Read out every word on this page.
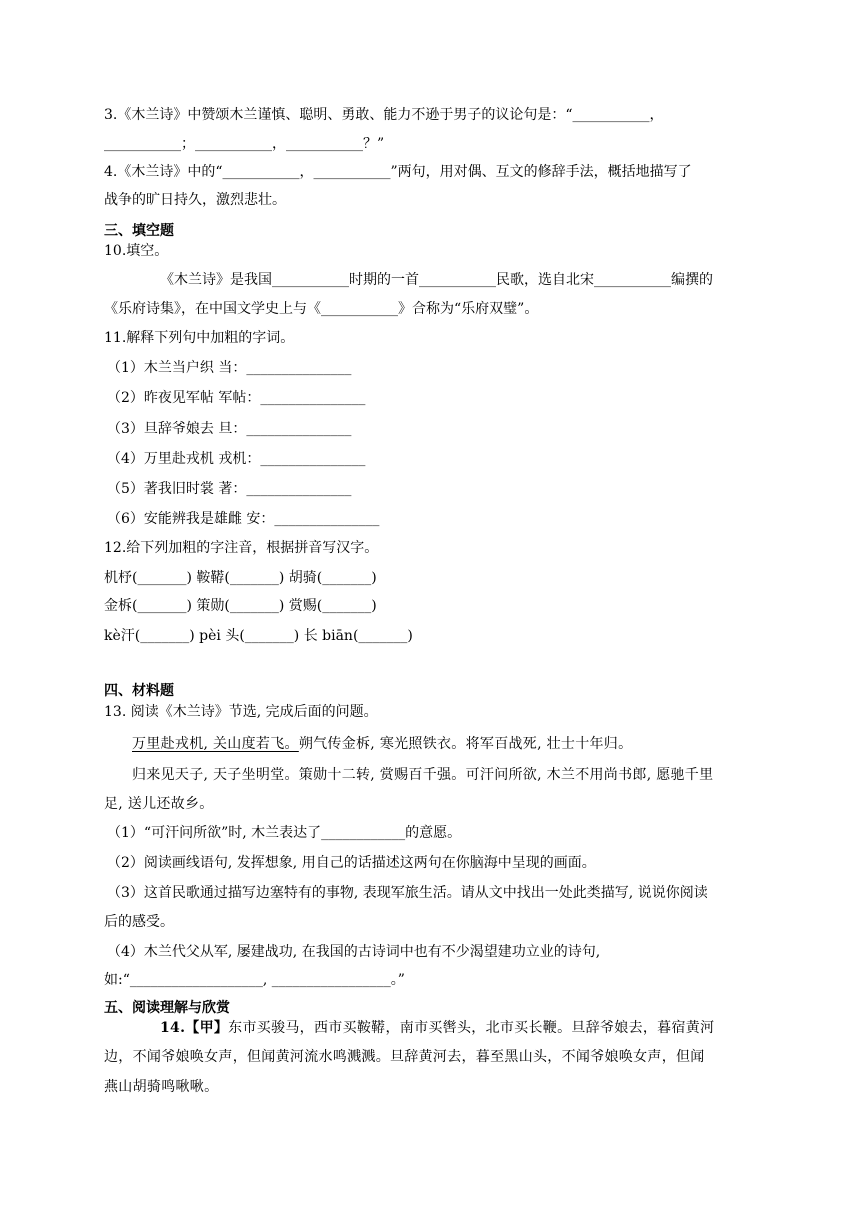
3.《木兰诗》中赞颂木兰谨慎、聪明、勇敢、能力不逊于男子的议论句是：“___________，
___________；___________，___________？”
4.《木兰诗》中的“___________，___________”两句，用对偶、互文的修辞手法，概括地描写了
战争的旷日持久，激烈悲壮。
三、填空题
10.填空。
《木兰诗》是我国___________时期的一首___________民歌，选自北宋___________编撰的
《乐府诗集》，在中国文学史上与《___________》合称为“乐府双璧”。
11.解释下列句中加粗的字词。
（1）木兰当户织 当：_______________
（2）昨夜见军帖 军帖：_______________
（3）旦辞爷娘去 旦：_______________
（4）万里赴戎机 戎机：_______________
（5）著我旧时裳 著：_______________
（6）安能辨我是雄雌 安：_______________
12.给下列加粗的字注音，根据拼音写汉字。
机杼(_______) 鞍鞯(_______) 胡骑(_______)
金柝(_______) 策勋(_______) 赏赐(_______)
kè汗(_______) pèi 头(_______) 长 biān(_______)
四、材料题
13. 阅读《木兰诗》节选, 完成后面的问题。
万里赴戎机, 关山度若飞。朔气传金柝, 寒光照铁衣。将军百战死, 壮士十年归。
归来见天子, 天子坐明堂。策勋十二转, 赏赐百千强。可汗问所欲, 木兰不用尚书郎, 愿驰千里
足, 送儿还故乡。
（1）“可汗问所欲”时, 木兰表达了____________的意愿。
（2）阅读画线语句, 发挥想象, 用自己的话描述这两句在你脑海中呈现的画面。
（3）这首民歌通过描写边塞特有的事物, 表现军旅生活。请从文中找出一处此类描写, 说说你阅读
后的感受。
（4）木兰代父从军, 屡建战功, 在我国的古诗词中也有不少渴望建功立业的诗句,
如:“___________________, _________________。”
五、阅读理解与欣赏
14.【甲】东市买骏马，西市买鞍鞯，南市买辔头，北市买长鞭。旦辞爷娘去，暮宿黄河
边，不闻爷娘唤女声，但闻黄河流水鸣溅溅。旦辞黄河去，暮至黑山头，不闻爷娘唤女声，但闻
燕山胡骑鸣啾啾。
